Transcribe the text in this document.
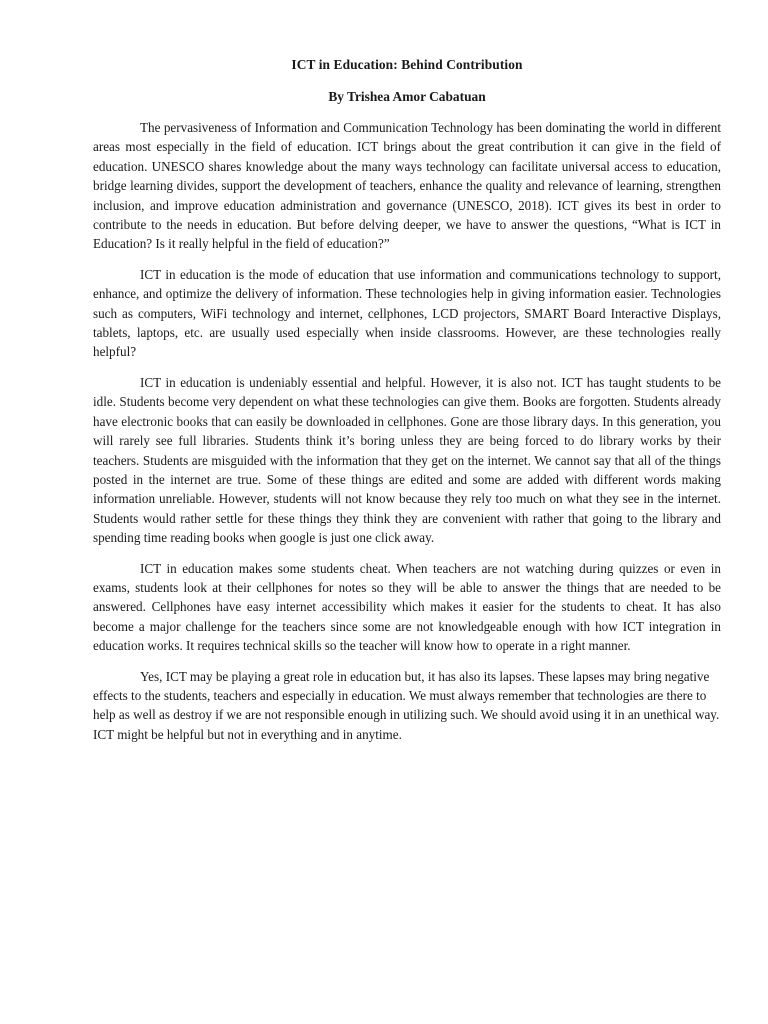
ICT in Education: Behind Contribution

By Trishea Amor Cabatuan

The pervasiveness of Information and Communication Technology has been dominating the world in different areas most especially in the field of education. ICT brings about the great contribution it can give in the field of education. UNESCO shares knowledge about the many ways technology can facilitate universal access to education, bridge learning divides, support the development of teachers, enhance the quality and relevance of learning, strengthen inclusion, and improve education administration and governance (UNESCO, 2018). ICT gives its best in order to contribute to the needs in education. But before delving deeper, we have to answer the questions, “What is ICT in Education? Is it really helpful in the field of education?”

ICT in education is the mode of education that use information and communications technology to support, enhance, and optimize the delivery of information. These technologies help in giving information easier. Technologies such as computers, WiFi technology and internet, cellphones, LCD projectors, SMART Board Interactive Displays, tablets, laptops, etc. are usually used especially when inside classrooms. However, are these technologies really helpful?

ICT in education is undeniably essential and helpful. However, it is also not. ICT has taught students to be idle. Students become very dependent on what these technologies can give them. Books are forgotten. Students already have electronic books that can easily be downloaded in cellphones. Gone are those library days. In this generation, you will rarely see full libraries. Students think it’s boring unless they are being forced to do library works by their teachers. Students are misguided with the information that they get on the internet. We cannot say that all of the things posted in the internet are true. Some of these things are edited and some are added with different words making information unreliable. However, students will not know because they rely too much on what they see in the internet. Students would rather settle for these things they think they are convenient with rather that going to the library and spending time reading books when google is just one click away.

ICT in education makes some students cheat. When teachers are not watching during quizzes or even in exams, students look at their cellphones for notes so they will be able to answer the things that are needed to be answered. Cellphones have easy internet accessibility which makes it easier for the students to cheat. It has also become a major challenge for the teachers since some are not knowledgeable enough with how ICT integration in education works. It requires technical skills so the teacher will know how to operate in a right manner.

Yes, ICT may be playing a great role in education but, it has also its lapses. These lapses may bring negative effects to the students, teachers and especially in education. We must always remember that technologies are there to help as well as destroy if we are not responsible enough in utilizing such. We should avoid using it in an unethical way. ICT might be helpful but not in everything and in anytime.
